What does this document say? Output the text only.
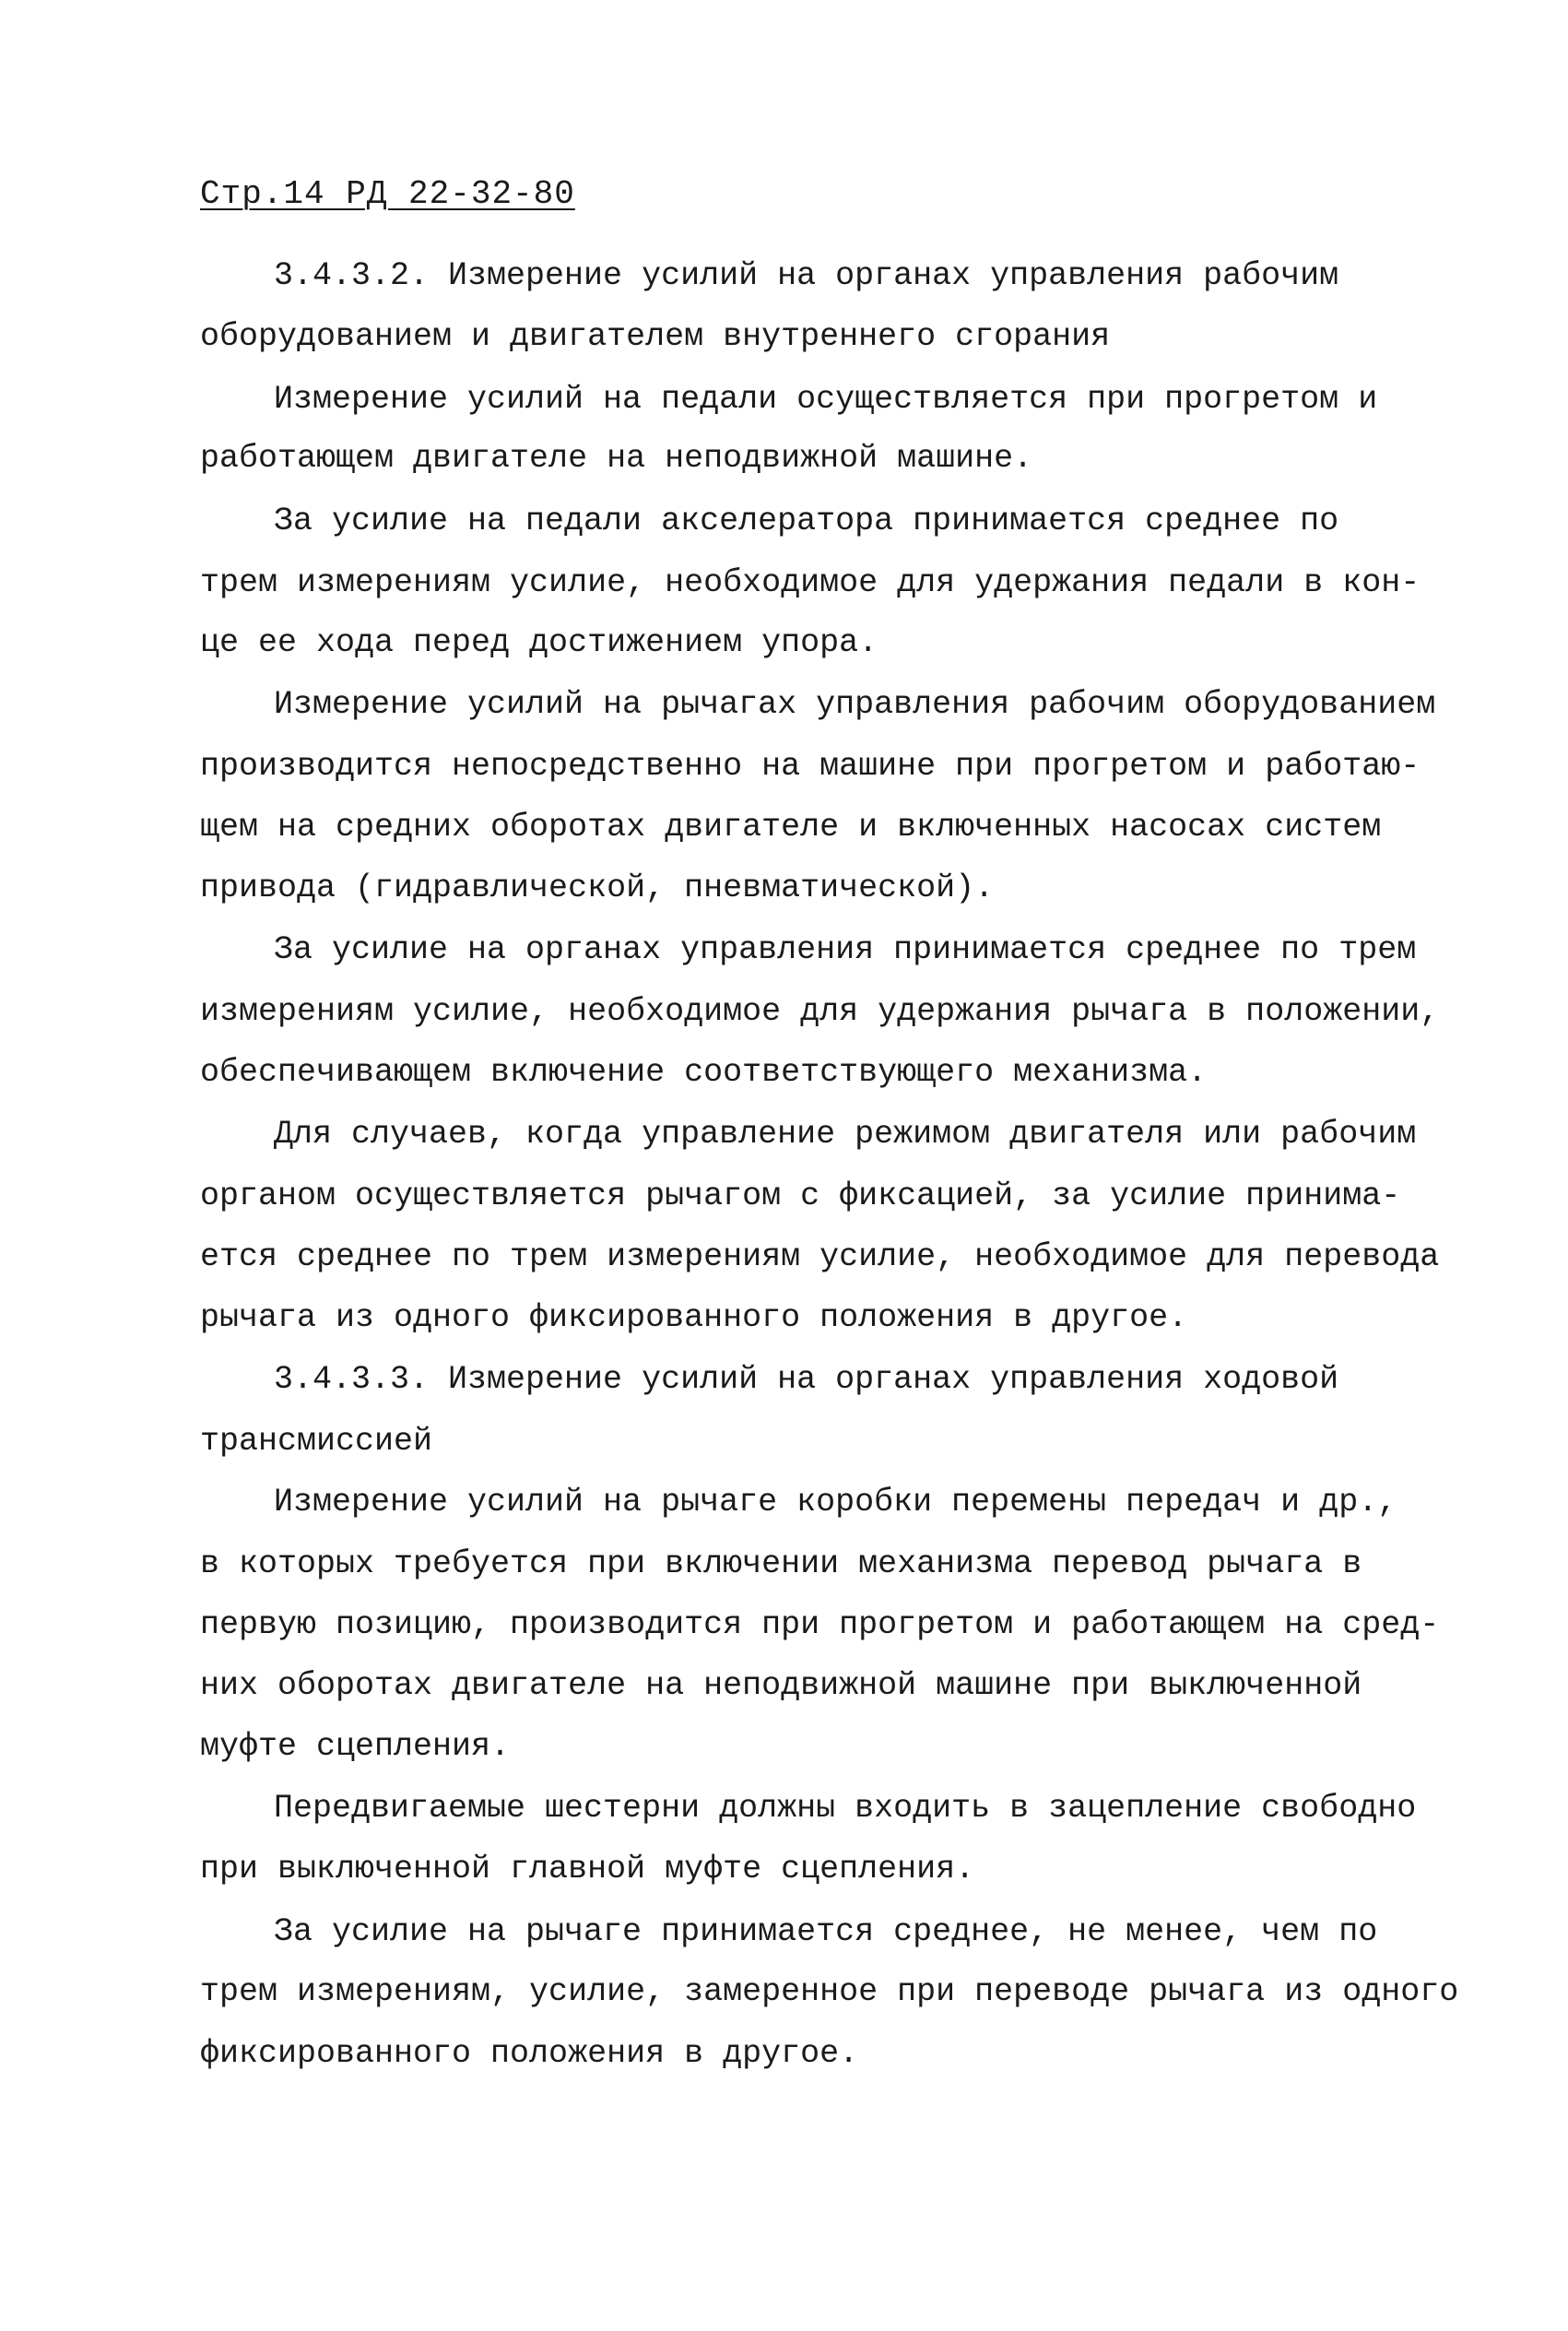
Стр.14 РД 22-32-80
3.4.3.2. Измерение усилий на органах управления рабочим
оборудованием и двигателем внутреннего сгорания
Измерение усилий на педали осуществляется при прогретом и
работающем двигателе на неподвижной машине.
За усилие на педали акселератора принимается среднее по
трем измерениям усилие, необходимое для удержания педали в кон-
це ее хода перед достижением упора.
Измерение усилий на рычагах управления рабочим оборудованием
производится непосредственно на машине при прогретом и работаю-
щем на средних оборотах двигателе и включенных насосах систем
привода (гидравлической, пневматической).
За усилие на органах управления принимается среднее по трем
измерениям усилие, необходимое для удержания рычага в положении,
обеспечивающем включение соответствующего механизма.
Для случаев, когда управление режимом двигателя или рабочим
органом осуществляется рычагом с фиксацией, за усилие принима-
ется среднее по трем измерениям усилие, необходимое для перевода
рычага из одного фиксированного положения в другое.
3.4.3.3. Измерение усилий на органах управления ходовой
трансмиссией
Измерение усилий на рычаге коробки перемены передач и др.,
в которых требуется при включении механизма перевод рычага в
первую позицию, производится при прогретом и работающем на сред-
них оборотах двигателе на неподвижной машине при выключенной
муфте сцепления.
Передвигаемые шестерни должны входить в зацепление свободно
при выключенной главной муфте сцепления.
За усилие на рычаге принимается среднее, не менее, чем по
трем измерениям, усилие, замеренное при переводе рычага из одного
фиксированного положения в другое.
